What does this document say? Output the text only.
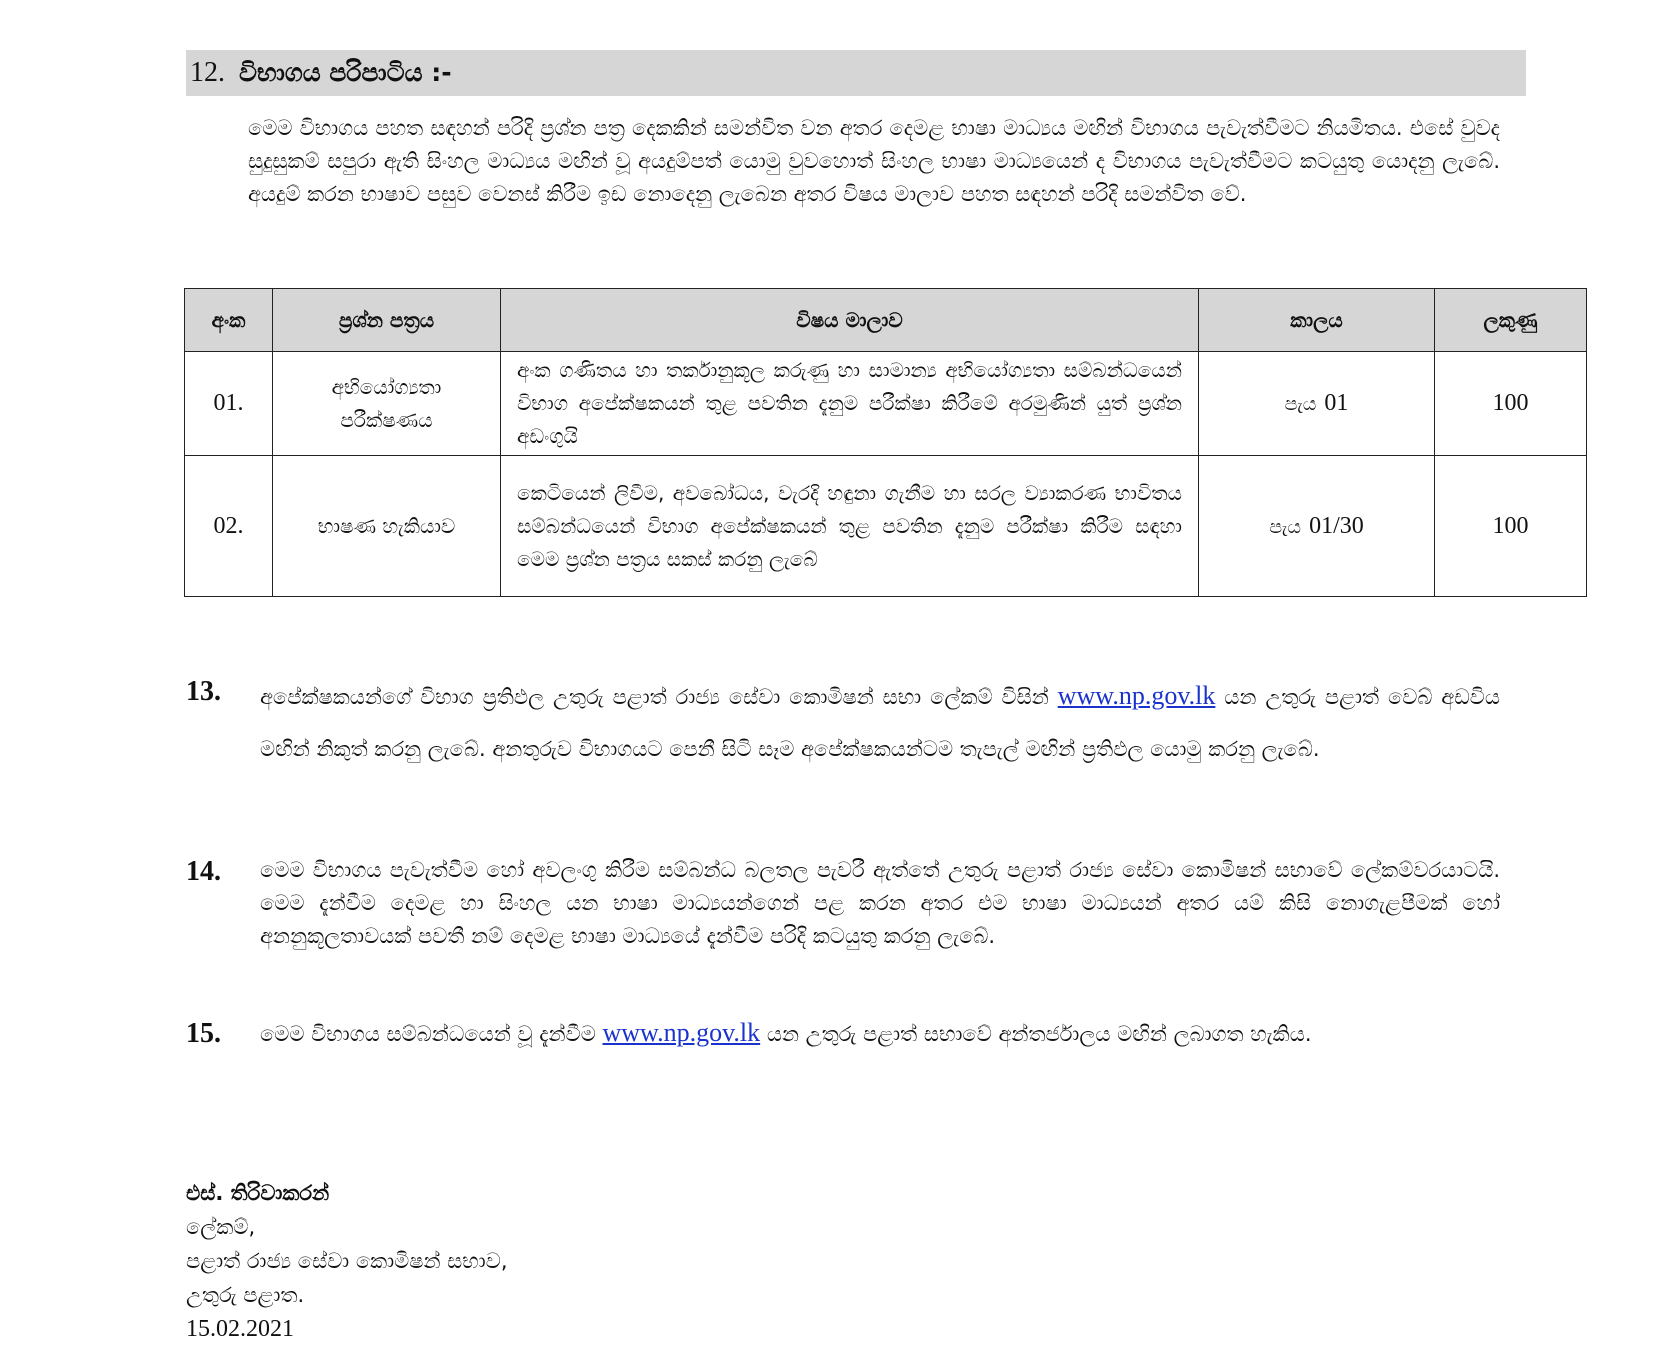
12. විභාගය පරිපාටිය :-

මෙම විභාගය පහත සඳහන් පරිදි ප්‍රශ්න පත්‍ර දෙකකින් සමන්විත වන අතර දෙමළ භාෂා මාධ්‍යය මඟින් විභාගය පැවැත්වීමට නියමිතය. එසේ වුවද සුදුසුකම් සපුරා ඇති සිංහල මාධ්‍යය මඟින් වූ අයදුම්පත් යොමු වුවහොත් සිංහල භාෂා මාධ්‍යයෙන් ද විභාගය පැවැත්වීමට කටයුතු යොදනු ලැබේ. අයදුම් කරන භාෂාව පසුව වෙනස් කිරීම ඉඩ නොදෙනු ලැබෙන අතර විෂය මාලාව පහත සඳහන් පරිදි සමන්විත වේ.

අංක	ප්‍රශ්න පත්‍රය	විෂය මාලාව	කාලය	ලකුණු
01.	අභියෝග්‍යතා පරීක්ෂණය	අංක ගණිතය හා තර්කානුකූල කරුණු හා සාමාන්‍ය අභියෝග්‍යතා සම්බන්ධයෙන් විභාග අපේක්ෂකයන් තුළ පවතින දැනුම පරීක්ෂා කිරීමේ අරමුණින් යුත් ප්‍රශ්න අඩංගුයි	පැය 01	100
02.	භාෂණ හැකියාව	කෙටියෙන් ලිවීම, අවබෝධය, වැරදි හඳුනා ගැනීම හා සරල ව්‍යාකරණ භාවිතය සම්බන්ධයෙන් විභාග අපේක්ෂකයන් තුළ පවතින දැනුම පරීක්ෂා කිරීම සඳහා මෙම ප්‍රශ්න පත්‍රය සකස් කරනු ලැබේ	පැය 01/30	100
13. අපේක්ෂකයන්ගේ විභාග ප්‍රතිඵල උතුරු පළාත් රාජ්‍ය සේවා කොමිෂන් සභා ලේකම් විසින් www.np.gov.lk යන උතුරු පළාත් වෙබ් අඩවිය මඟින් නිකුත් කරනු ලැබේ. අනතුරුව විභාගයට පෙනී සිටි සෑම අපේක්ෂකයන්ටම තැපැල් මඟින් ප්‍රතිඵල යොමු කරනු ලැබේ.
14. මෙම විභාගය පැවැත්වීම හෝ අවලංගු කිරීම සම්බන්ධ බලතල පැවරී ඇත්තේ උතුරු පළාත් රාජ්‍ය සේවා කොමිෂන් සභාවේ ලේකම්වරයාටයි. මෙම දැන්වීම දෙමළ හා සිංහල යන භාෂා මාධ්‍යයන්ගෙන් පළ කරන අතර එම භාෂා මාධ්‍යයන් අතර යම් කිසි නොගැළපීමක් හෝ අනනුකූලතාවයක් පවතී නම් දෙමළ භාෂා මාධ්‍යයේ දැන්වීම පරිදි කටයුතු කරනු ලැබේ.
15. මෙම විභාගය සම්බන්ධයෙන් වූ දැන්වීම www.np.gov.lk යන උතුරු පළාත් සභාවේ අන්තර්ජාලය මඟින් ලබාගත හැකිය.
එස්. තිරිවාකරන්
ලේකම්,
පළාත් රාජ්‍ය සේවා කොමිෂන් සභාව,
උතුරු පළාත.
15.02.2021
